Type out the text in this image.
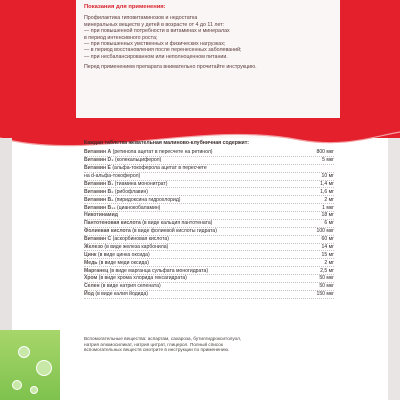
Показания для применения:
Профилактика гиповитаминозов и недостатка
минеральных веществ у детей в возрасте от 4 до 11 лет:
— при повышенной потребности в витаминах и минералах
в период интенсивного роста;
— при повышенных умственных и физических нагрузках;
— в период восстановления после перенесенных заболеваний;
— при несбалансированном или неполноценном питании.
Перед применением препарата внимательно прочитайте инструкцию.
Каждая таблетка жевательная малиново-клубничная содержит:
Витамин A (ретинола ацетат в пересчете на ретинол)	800 мкг
Витамин D₃ (колекальциферол)	5 мкг
Витамин E (альфа-токоферола ацетат в пересчете
на d-альфа-токоферол)	10 мг
Витамин B₁ (тиамина мононитрат)	1,4 мг
Витамин B₂ (рибофлавин)	1,6 мг
Витамин B₆ (пиридоксина гидрохлорид)	2 мг
Витамин B₁₂ (цианокобаламин)	1 мкг
Никотинамид	18 мг
Пантотеновая кислота (в виде кальция пантотената)	6 мг
Фолиевая кислота (в виде фолиевой кислоты гидрата)	100 мкг
Витамин C (аскорбиновая кислота)	60 мг
Железо (в виде железа карбонила)	14 мг
Цинк (в виде цинка оксида)	15 мг
Медь (в виде меди оксида)	2 мг
Марганец (в виде марганца сульфата моногидрата)	2,5 мг
Хром (в виде хрома хлорида гексагидрата)	50 мкг
Селен (в виде натрия селената)	50 мкг
Йод (в виде калия йодида)	150 мкг
Вспомогательные вещества: аспартам, сахароза, бутилгидрокситолуол,
натрия алюмосиликат, натрия цитрат, глицерол. Полный список
вспомогательных веществ смотрите в инструкции по применению.
